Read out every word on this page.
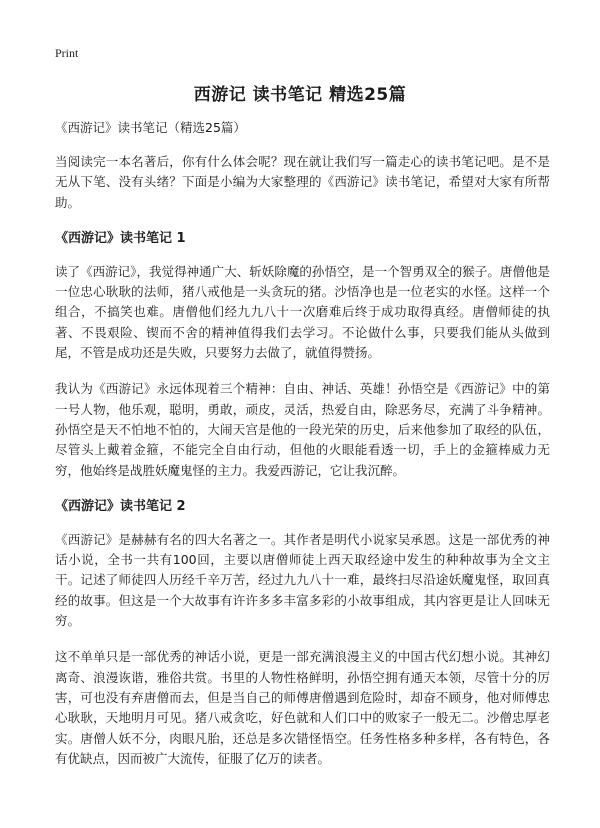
Print
西游记 读书笔记 精选25篇
《西游记》读书笔记（精选25篇）

当阅读完一本名著后，你有什么体会呢？现在就让我们写一篇走心的读书笔记吧。是不是无从下笔、没有头绪？下面是小编为大家整理的《西游记》读书笔记，希望对大家有所帮助。

《西游记》读书笔记 1

读了《西游记》，我觉得神通广大、斩妖除魔的孙悟空，是一个智勇双全的猴子。唐僧他是一位忠心耿耿的法师，猪八戒他是一头贪玩的猪。沙悟净也是一位老实的水怪。这样一个组合，不搞笑也难。唐僧他们经九九八十一次磨难后终于成功取得真经。唐僧师徒的执著、不畏艰险、锲而不舍的精神值得我们去学习。不论做什么事，只要我们能从头做到尾，不管是成功还是失败，只要努力去做了，就值得赞扬。

我认为《西游记》永远体现着三个精神：自由、神话、英雄！孙悟空是《西游记》中的第一号人物，他乐观，聪明，勇敢，顽皮，灵活，热爱自由，除恶务尽，充满了斗争精神。孙悟空是天不怕地不怕的，大闹天宫是他的一段光荣的历史，后来他参加了取经的队伍，尽管头上戴着金箍，不能完全自由行动，但他的火眼能看透一切，手上的金箍棒威力无穷，他始终是战胜妖魔鬼怪的主力。我爱西游记，它让我沉醉。

《西游记》读书笔记 2

《西游记》是赫赫有名的四大名著之一。其作者是明代小说家吴承恩。这是一部优秀的神话小说，全书一共有100回，主要以唐僧师徒上西天取经途中发生的种种故事为全文主干。记述了师徒四人历经千辛万苦，经过九九八十一难，最终扫尽沿途妖魔鬼怪，取回真经的故事。但这是一个大故事有许许多多丰富多彩的小故事组成，其内容更是让人回味无穷。

这不单单只是一部优秀的神话小说，更是一部充满浪漫主义的中国古代幻想小说。其神幻离奇、浪漫诙谐，雅俗共赏。书里的人物性格鲜明，孙悟空拥有通天本领，尽管十分的厉害，可也没有弃唐僧而去，但是当自己的师傅唐僧遇到危险时，却奋不顾身，他对师傅忠心耿耿，天地明月可见。猪八戒贪吃，好色就和人们口中的败家子一般无二。沙僧忠厚老实。唐僧人妖不分，肉眼凡胎，还总是多次错怪悟空。任务性格多种多样，各有特色，各有优缺点，因而被广大流传，征服了亿万的读者。
